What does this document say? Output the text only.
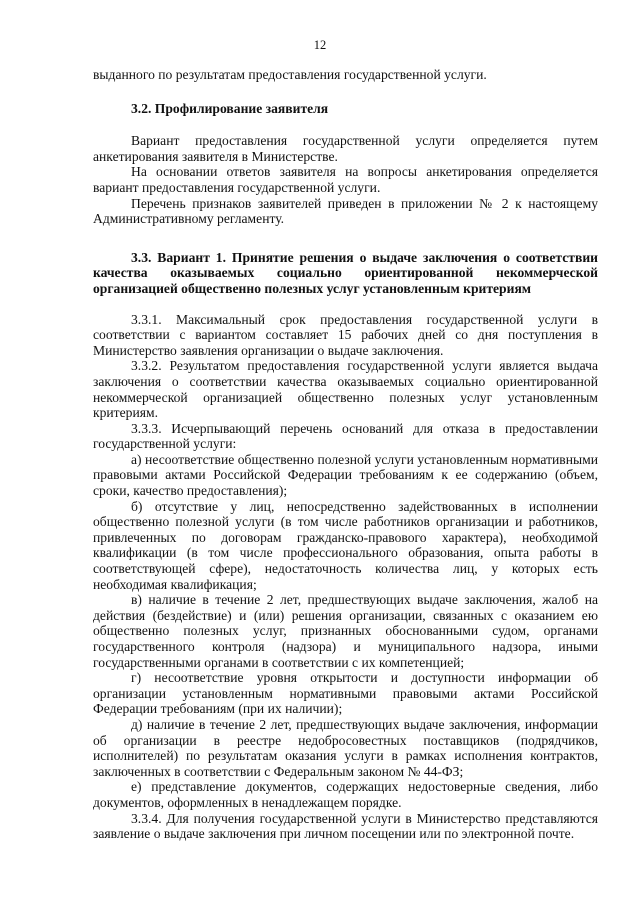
12

выданного по результатам предоставления государственной услуги.

3.2. Профилирование заявителя

Вариант предоставления государственной услуги определяется путем анкетирования заявителя в Министерстве.

На основании ответов заявителя на вопросы анкетирования определяется вариант предоставления государственной услуги.

Перечень признаков заявителей приведен в приложении № 2 к настоящему Административному регламенту.

3.3. Вариант 1. Принятие решения о выдаче заключения о соответствии качества оказываемых социально ориентированной некоммерческой организацией общественно полезных услуг установленным критериям

3.3.1. Максимальный срок предоставления государственной услуги в соответствии с вариантом составляет 15 рабочих дней со дня поступления в Министерство заявления организации о выдаче заключения.

3.3.2. Результатом предоставления государственной услуги является выдача заключения о соответствии качества оказываемых социально ориентированной некоммерческой организацией общественно полезных услуг установленным критериям.

3.3.3. Исчерпывающий перечень оснований для отказа в предоставлении государственной услуги:

а) несоответствие общественно полезной услуги установленным нормативными правовыми актами Российской Федерации требованиям к ее содержанию (объем, сроки, качество предоставления);

б) отсутствие у лиц, непосредственно задействованных в исполнении общественно полезной услуги (в том числе работников организации и работников, привлеченных по договорам гражданско-правового характера), необходимой квалификации (в том числе профессионального образования, опыта работы в соответствующей сфере), недостаточность количества лиц, у которых есть необходимая квалификация;

в) наличие в течение 2 лет, предшествующих выдаче заключения, жалоб на действия (бездействие) и (или) решения организации, связанных с оказанием ею общественно полезных услуг, признанных обоснованными судом, органами государственного контроля (надзора) и муниципального надзора, иными государственными органами в соответствии с их компетенцией;

г) несоответствие уровня открытости и доступности информации об организации установленным нормативными правовыми актами Российской Федерации требованиям (при их наличии);

д) наличие в течение 2 лет, предшествующих выдаче заключения, информации об организации в реестре недобросовестных поставщиков (подрядчиков, исполнителей) по результатам оказания услуги в рамках исполнения контрактов, заключенных в соответствии с Федеральным законом № 44-ФЗ;

е) представление документов, содержащих недостоверные сведения, либо документов, оформленных в ненадлежащем порядке.

3.3.4. Для получения государственной услуги в Министерство представляются заявление о выдаче заключения при личном посещении или по электронной почте.
